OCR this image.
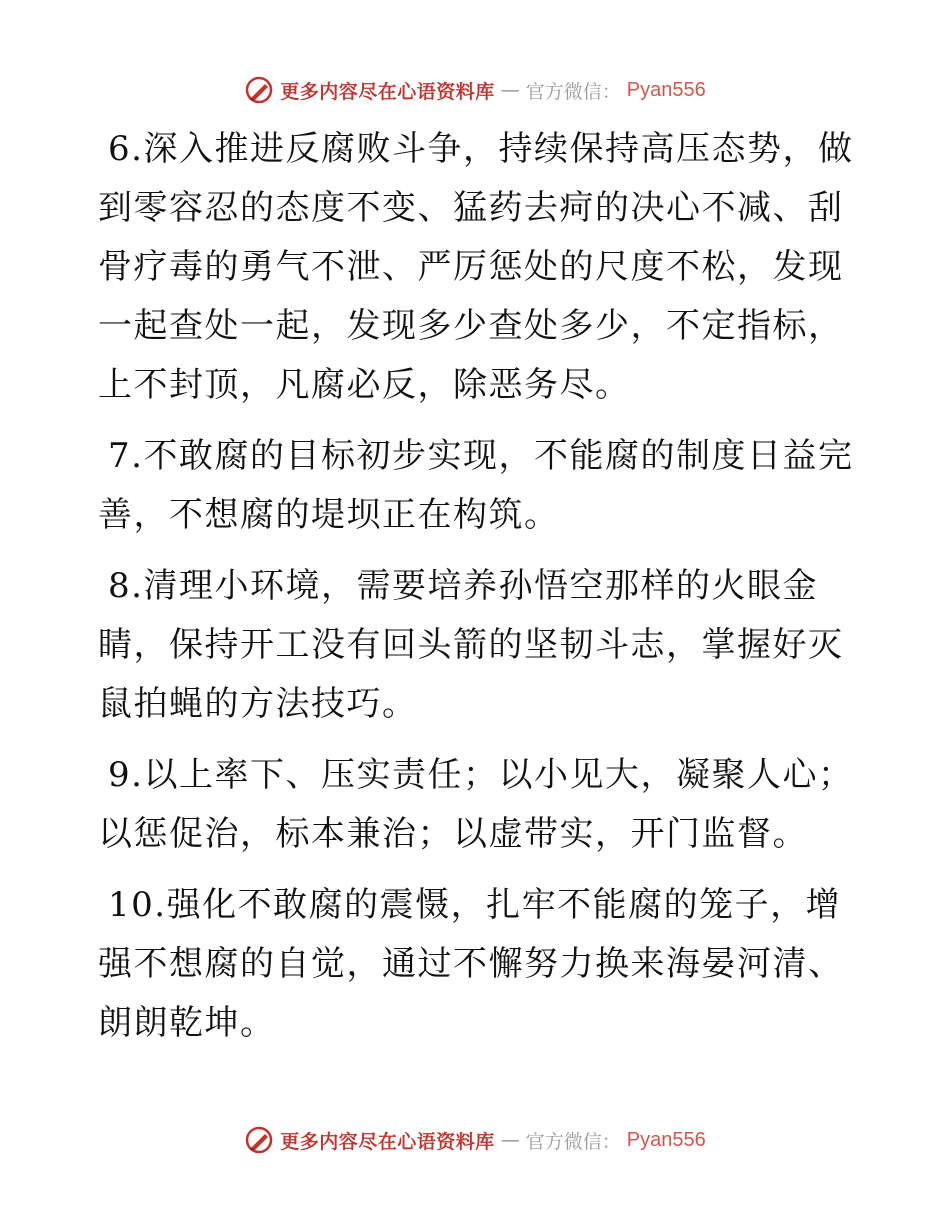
更多内容尽在心语资料库 — 官方微信： Pyan556

6.深入推进反腐败斗争，持续保持高压态势，做到零容忍的态度不变、猛药去疴的决心不减、刮骨疗毒的勇气不泄、严厉惩处的尺度不松，发现一起查处一起，发现多少查处多少，不定指标，上不封顶，凡腐必反，除恶务尽。

7.不敢腐的目标初步实现，不能腐的制度日益完善，不想腐的堤坝正在构筑。

8.清理小环境，需要培养孙悟空那样的火眼金睛，保持开工没有回头箭的坚韧斗志，掌握好灭鼠拍蝇的方法技巧。

9.以上率下、压实责任；以小见大，凝聚人心；以惩促治，标本兼治；以虚带实，开门监督。

10.强化不敢腐的震慑，扎牢不能腐的笼子，增强不想腐的自觉，通过不懈努力换来海晏河清、朗朗乾坤。

更多内容尽在心语资料库 — 官方微信： Pyan556
